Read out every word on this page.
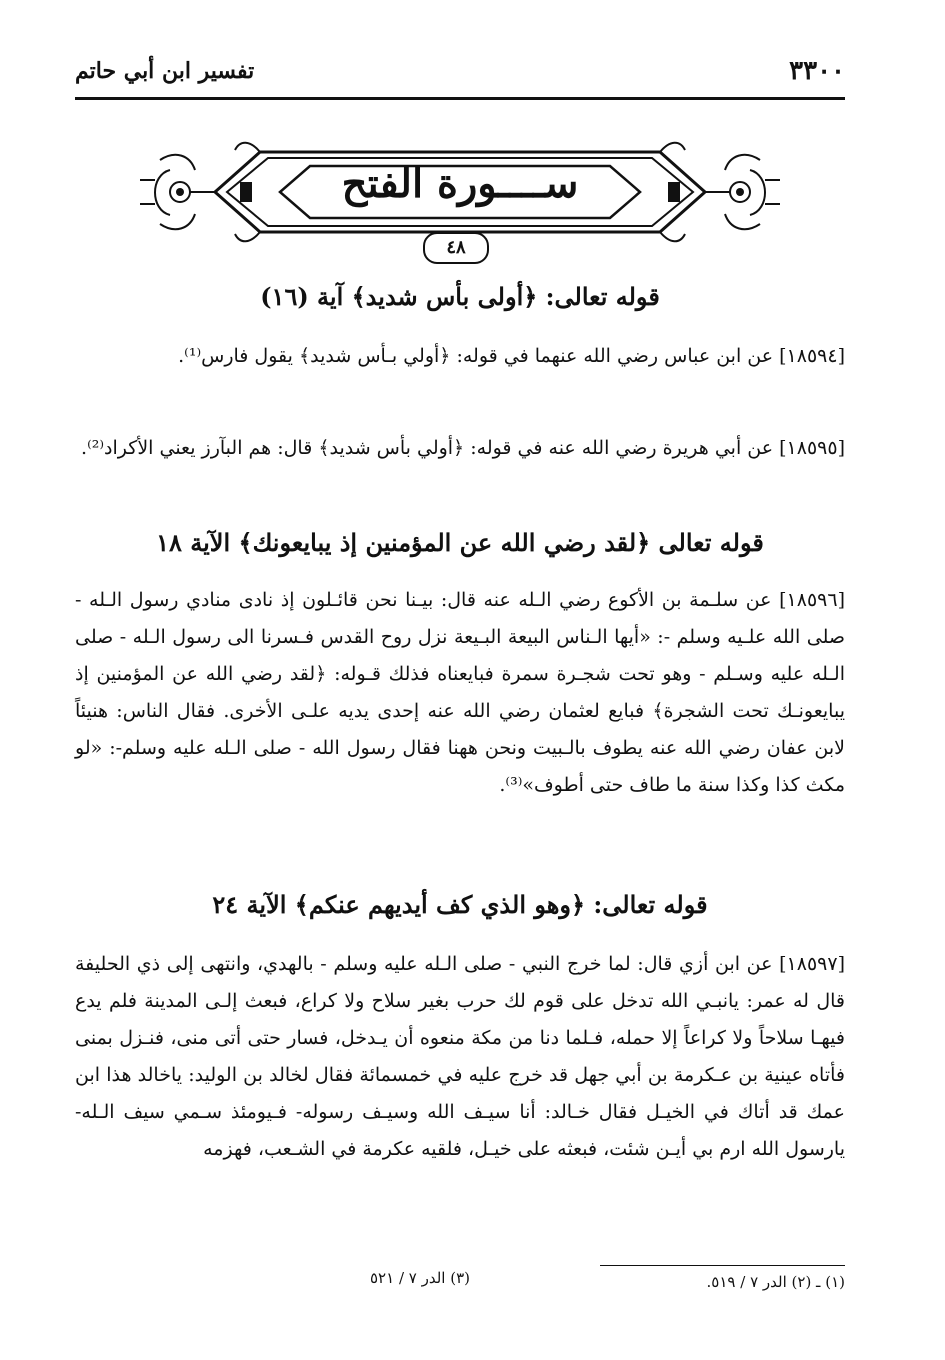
٣٣٠٠
تفسير ابن أبي حاتم
ســــورة الفتح
٤٨
قوله تعالى: ﴿أولى بأس شديد﴾ آية (١٦)
[١٨٥٩٤] عن ابن عباس رضي الله عنهما في قوله: ﴿أولي بـأس شديد﴾ يقول فارس⁽¹⁾.
[١٨٥٩٥] عن أبي هريرة رضي الله عنه في قوله: ﴿أولي بأس شديد﴾ قال: هم البآرز يعني الأكراد⁽²⁾.
قوله تعالى ﴿لقد رضي الله عن المؤمنين إذ يبايعونك﴾ الآية ١٨
[١٨٥٩٦] عن سلـمة بن الأكوع رضي الـله عنه قال: بيـنا نحن قائـلون إذ نادى منادي رسول الـله - صلى الله علـيه وسلم -: «أيها الـناس البيعة البـيعة نزل روح القدس فـسرنا الى رسول الـله - صلى الـله عليه وسـلم - وهو تحت شجـرة سمرة فبايعناه فذلك قـوله: ﴿لقد رضي الله عن المؤمنين إذ يبايعونـك تحت الشجرة﴾ فبايع لعثمان رضي الله عنه إحدى يديه علـى الأخرى. فقال الناس: هنيئاً لابن عفان رضي الله عنه يطوف بالـبيت ونحن ههنا فقال رسول الله - صلى الـله عليه وسلم-: «لو مكث كذا وكذا سنة ما طاف حتى أطوف»⁽³⁾.
قوله تعالى: ﴿وهو الذي كف أيديهم عنكم﴾ الآية ٢٤
[١٨٥٩٧] عن ابن أزي قال: لما خرج النبي - صلى الـله عليه وسلم - بالهدي، وانتهى إلى ذي الحليفة قال له عمر: يانبـي الله تدخل على قوم لك حرب بغير سلاح ولا كراع، فبعث إلـى المدينة فلم يدع فيهـا سلاحاً ولا كراعاً إلا حمله، فـلما دنا من مكة منعوه أن يـدخل، فسار حتى أتى منى، فنـزل بمنى فأتاه عينية بن عـكرمة بن أبي جهل قد خرج عليه في خمسمائة فقال لخالد بن الوليد: ياخالد هذا ابن عمك قد أتاك في الخيـل فقال خـالد: أنا سيـف الله وسيـف رسوله- فـيومئذ سـمي سيف الـله- يارسول الله ارم بي أيـن شئت، فبعثه على خيـل، فلقيه عكرمة في الشـعب، فهزمه
(١) ـ (٢) الدر ٧ / ٥١٩.
(٣) الدر ٧ / ٥٢١
